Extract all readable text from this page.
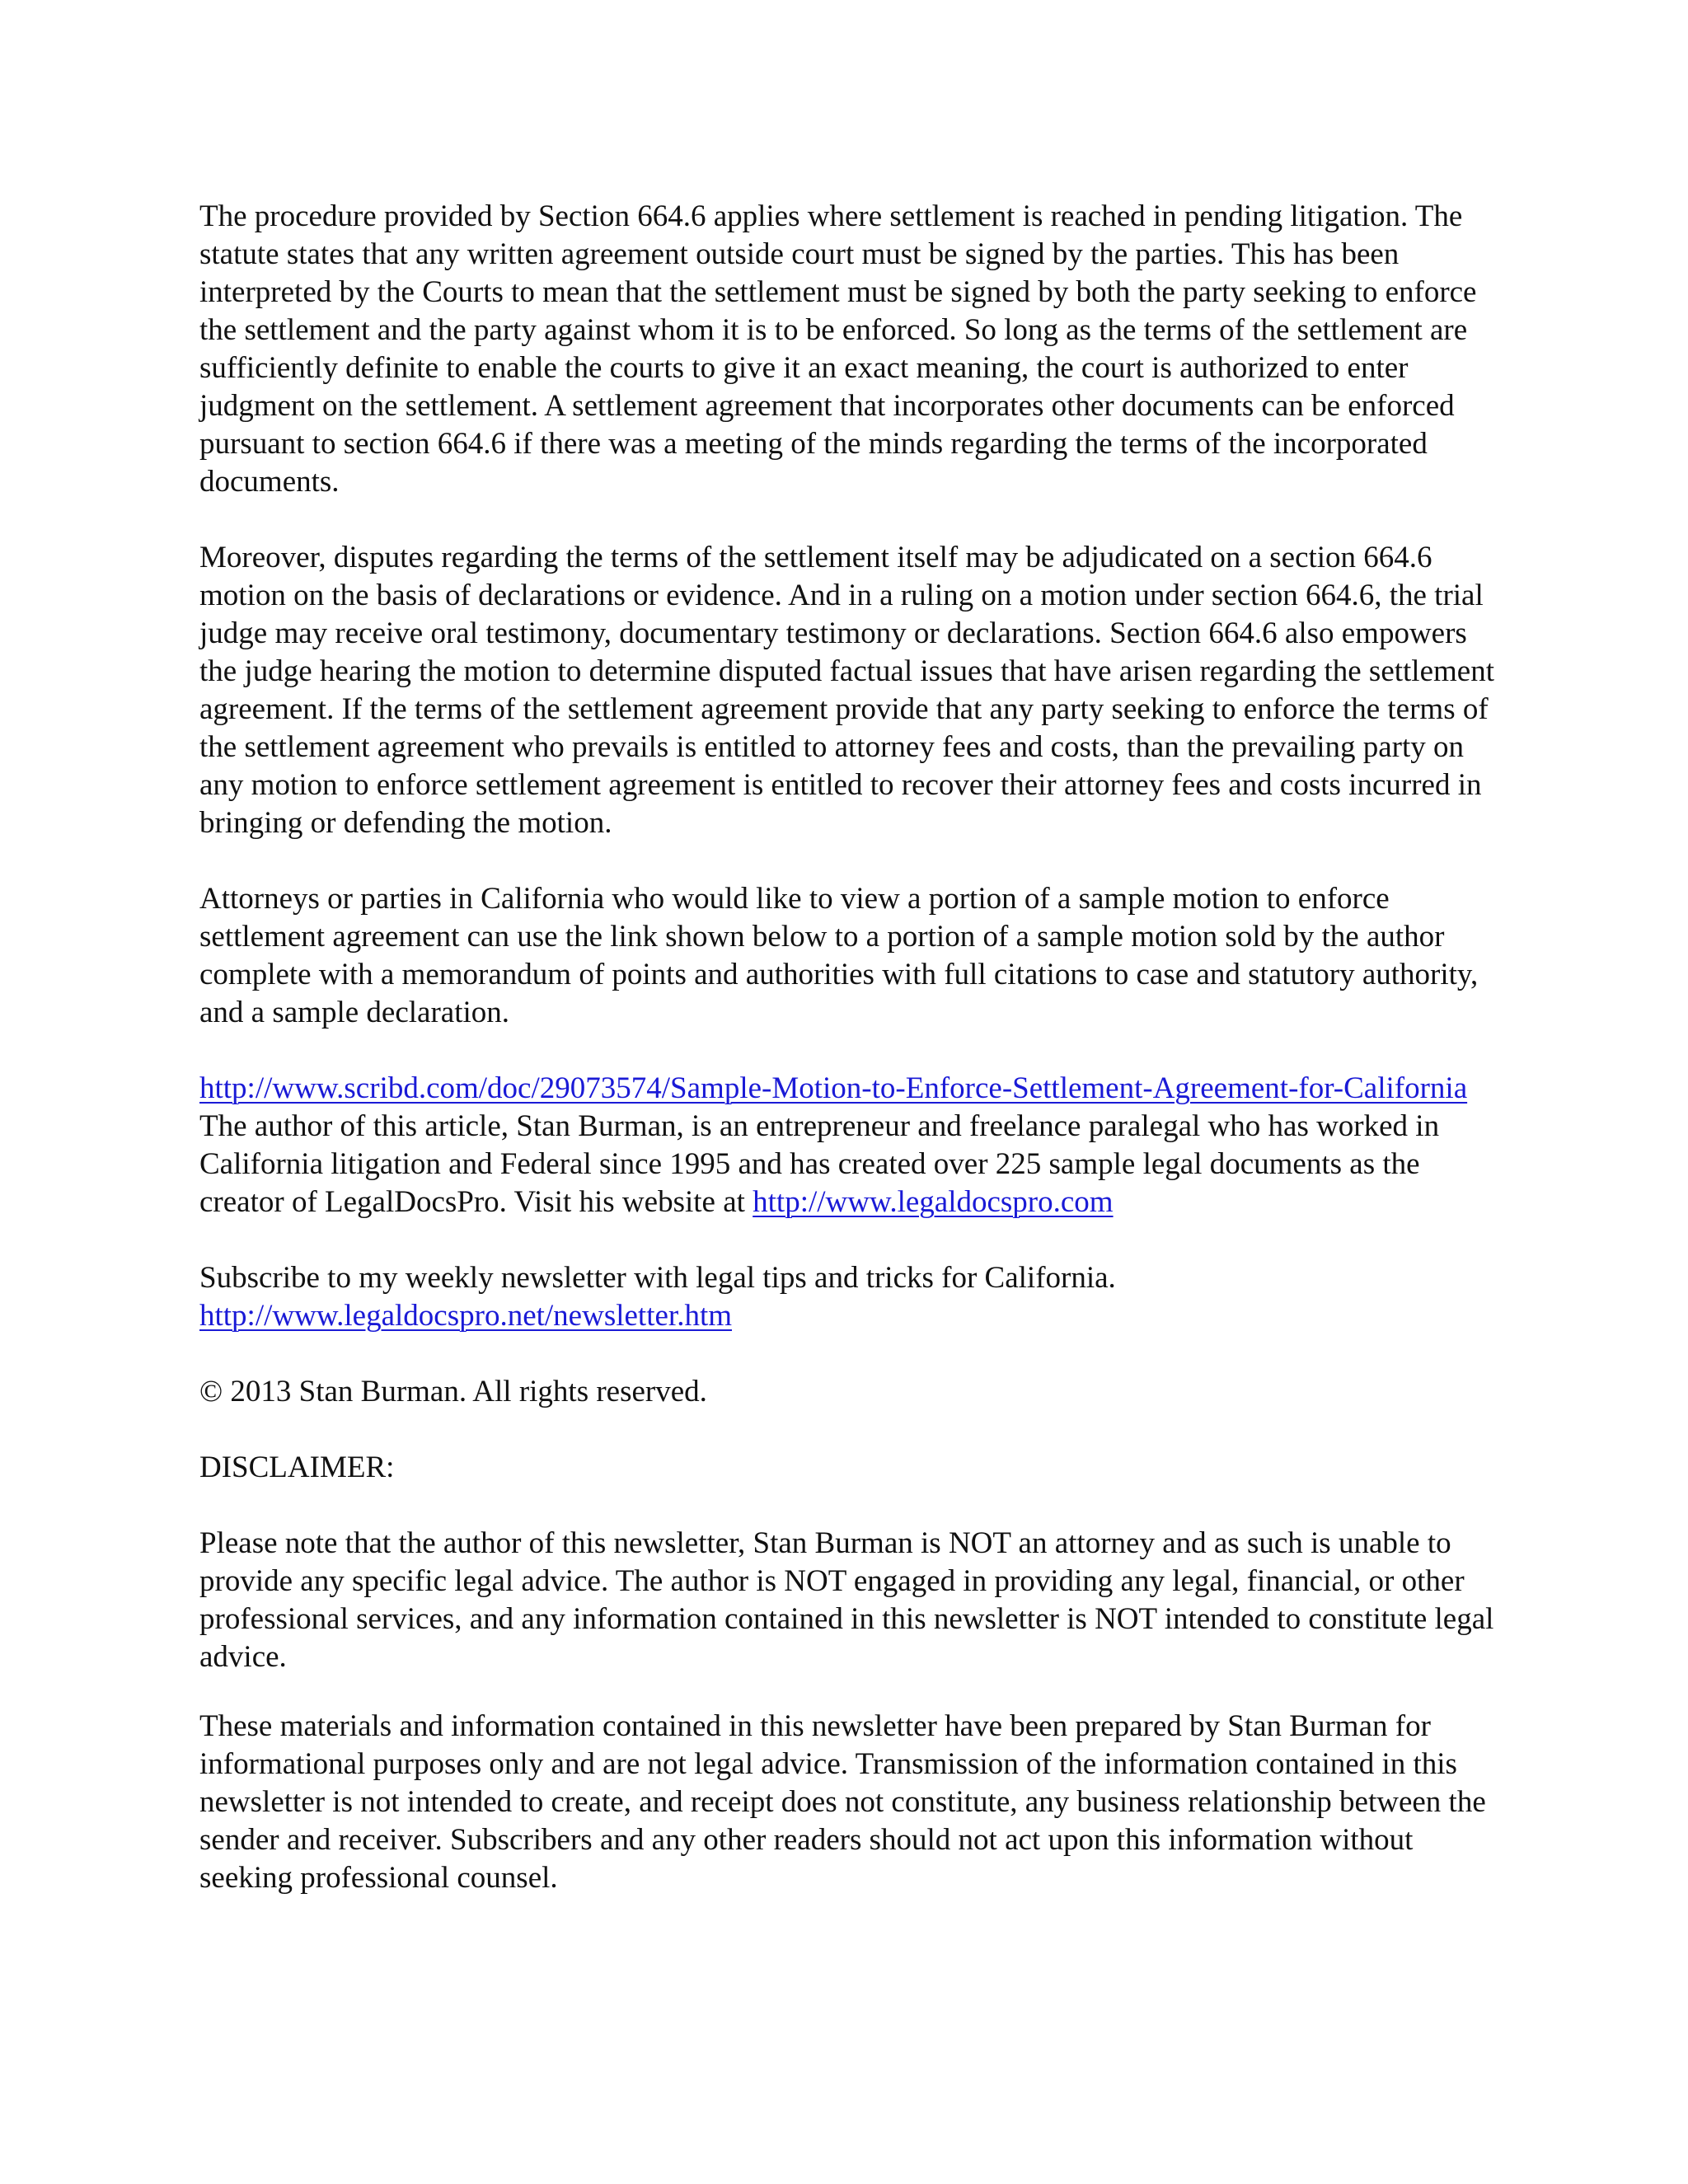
The procedure provided by Section 664.6 applies where settlement is reached in pending litigation. The statute states that any written agreement outside court must be signed by the parties. This has been interpreted by the Courts to mean that the settlement must be signed by both the party seeking to enforce the settlement and the party against whom it is to be enforced. So long as the terms of the settlement are sufficiently definite to enable the courts to give it an exact meaning, the court is authorized to enter judgment on the settlement. A settlement agreement that incorporates other documents can be enforced pursuant to section 664.6 if there was a meeting of the minds regarding the terms of the incorporated documents.

Moreover, disputes regarding the terms of the settlement itself may be adjudicated on a section 664.6 motion on the basis of declarations or evidence. And in a ruling on a motion under section 664.6, the trial judge may receive oral testimony, documentary testimony or declarations. Section 664.6 also empowers the judge hearing the motion to determine disputed factual issues that have arisen regarding the settlement agreement. If the terms of the settlement agreement provide that any party seeking to enforce the terms of the settlement agreement who prevails is entitled to attorney fees and costs, than the prevailing party on any motion to enforce settlement agreement is entitled to recover their attorney fees and costs incurred in bringing or defending the motion.

Attorneys or parties in California who would like to view a portion of a sample motion to enforce settlement agreement can use the link shown below to a portion of a sample motion sold by the author complete with a memorandum of points and authorities with full citations to case and statutory authority, and a sample declaration.

http://www.scribd.com/doc/29073574/Sample-Motion-to-Enforce-Settlement-Agreement-for-California

The author of this article, Stan Burman, is an entrepreneur and freelance paralegal who has worked in California litigation and Federal since 1995 and has created over 225 sample legal documents as the creator of LegalDocsPro. Visit his website at http://www.legaldocspro.com

Subscribe to my weekly newsletter with legal tips and tricks for California.
http://www.legaldocspro.net/newsletter.htm

© 2013 Stan Burman. All rights reserved.

DISCLAIMER:

Please note that the author of this newsletter, Stan Burman is NOT an attorney and as such is unable to provide any specific legal advice. The author is NOT engaged in providing any legal, financial, or other professional services, and any information contained in this newsletter is NOT intended to constitute legal advice.

These materials and information contained in this newsletter have been prepared by Stan Burman for informational purposes only and are not legal advice. Transmission of the information contained in this newsletter is not intended to create, and receipt does not constitute, any business relationship between the sender and receiver. Subscribers and any other readers should not act upon this information without seeking professional counsel.
